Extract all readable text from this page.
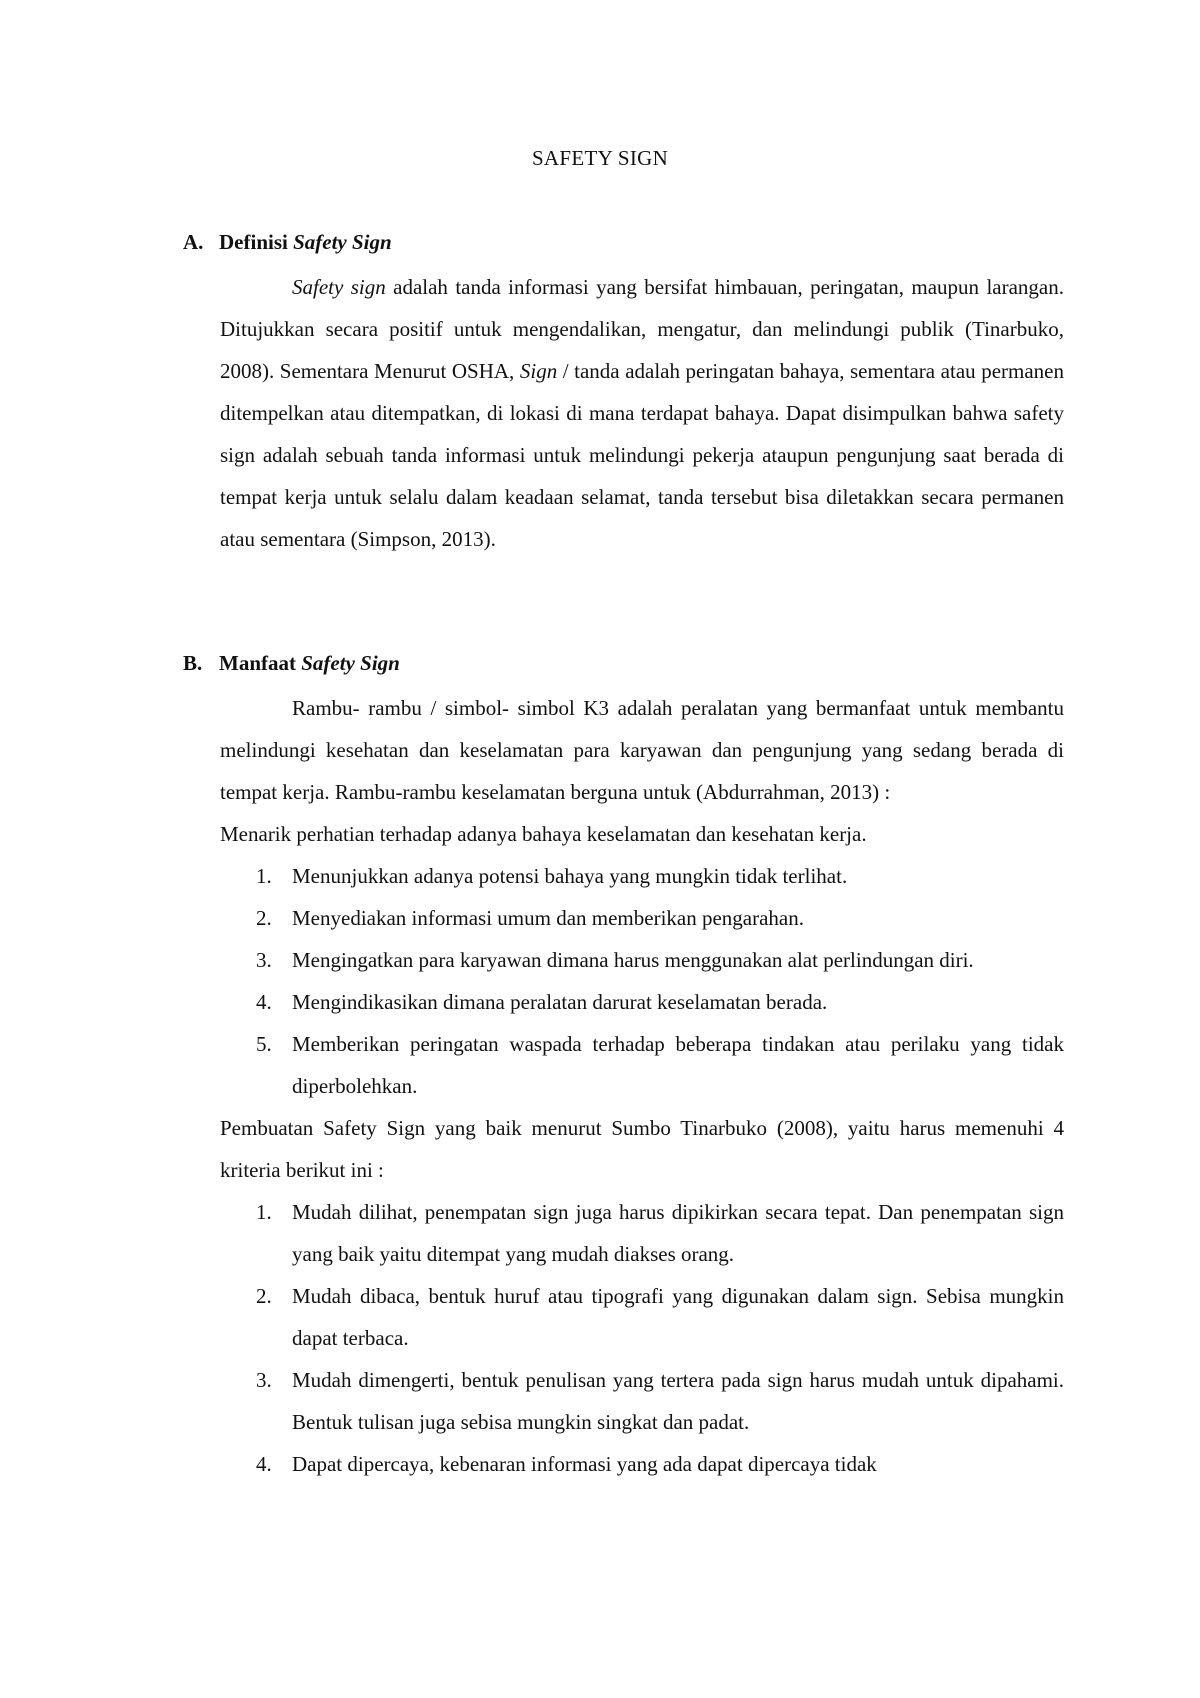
SAFETY SIGN
A. Definisi Safety Sign

Safety sign adalah tanda informasi yang bersifat himbauan, peringatan, maupun larangan. Ditujukkan secara positif untuk mengendalikan, mengatur, dan melindungi publik (Tinarbuko, 2008). Sementara Menurut OSHA, Sign / tanda adalah peringatan bahaya, sementara atau permanen ditempelkan atau ditempatkan, di lokasi di mana terdapat bahaya. Dapat disimpulkan bahwa safety sign adalah sebuah tanda informasi untuk melindungi pekerja ataupun pengunjung saat berada di tempat kerja untuk selalu dalam keadaan selamat, tanda tersebut bisa diletakkan secara permanen atau sementara (Simpson, 2013).

B. Manfaat Safety Sign

Rambu- rambu / simbol- simbol K3 adalah peralatan yang bermanfaat untuk membantu melindungi kesehatan dan keselamatan para karyawan dan pengunjung yang sedang berada di tempat kerja. Rambu-rambu keselamatan berguna untuk (Abdurrahman, 2013) :

Menarik perhatian terhadap adanya bahaya keselamatan dan kesehatan kerja.

1. Menunjukkan adanya potensi bahaya yang mungkin tidak terlihat.
2. Menyediakan informasi umum dan memberikan pengarahan.
3. Mengingatkan para karyawan dimana harus menggunakan alat perlindungan diri.
4. Mengindikasikan dimana peralatan darurat keselamatan berada.
5. Memberikan peringatan waspada terhadap beberapa tindakan atau perilaku yang tidak diperbolehkan.

Pembuatan Safety Sign yang baik menurut Sumbo Tinarbuko (2008), yaitu harus memenuhi 4 kriteria berikut ini :

1. Mudah dilihat, penempatan sign juga harus dipikirkan secara tepat. Dan penempatan sign yang baik yaitu ditempat yang mudah diakses orang.
2. Mudah dibaca, bentuk huruf atau tipografi yang digunakan dalam sign. Sebisa mungkin dapat terbaca.
3. Mudah dimengerti, bentuk penulisan yang tertera pada sign harus mudah untuk dipahami. Bentuk tulisan juga sebisa mungkin singkat dan padat.
4. Dapat dipercaya, kebenaran informasi yang ada dapat dipercaya tidak
